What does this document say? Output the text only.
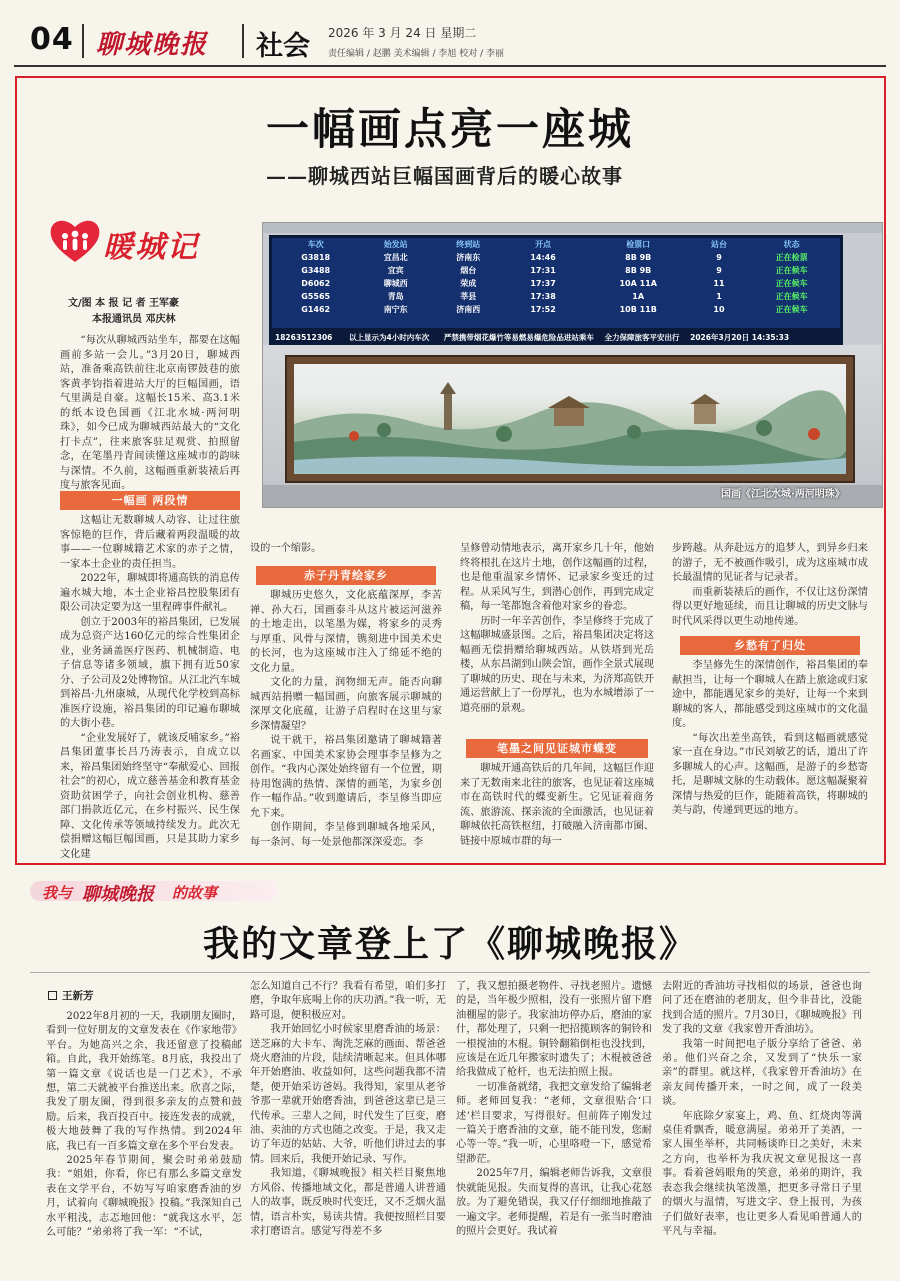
04 聊城晚报 社会 2026 年 3 月 24 日 星期二
责任编辑 / 赵鹏 美术编辑 / 李旭 校对 / 李丽
一幅画点亮一座城
——聊城西站巨幅国画背后的暖心故事
暖城记
文/图 本 报 记 者 王军豪
本报通讯员 邓庆林

“每次从聊城西站坐车，都要在这幅画前多站一会儿。”3月20日，聊城西站，准备乘高铁前往北京南锣鼓巷的旅客黄孝钧指着进站大厅的巨幅国画，语气里满是自豪。这幅长15米、高3.1米的纸本设色国画《江北水城·两河明珠》，如今已成为聊城西站最大的“文化打卡点”，往来旅客驻足观赏、拍照留念，在笔墨丹青间读懂这座城市的韵味与深情。不久前，这幅画重新装裱后再度与旅客见面。

一幅画 两段情

这幅让无数聊城人动容、让过往旅客惊艳的巨作，背后藏着两段温暖的故事——一位聊城籍艺术家的赤子之情，一家本土企业的责任担当。

2022年，聊城即将通高铁的消息传遍水城大地，本土企业裕昌控股集团有限公司决定要为这一里程碑事件献礼。

创立于2003年的裕昌集团，已发展成为总资产达160亿元的综合性集团企业，业务涵盖医疗医药、机械制造、电子信息等诸多领域，旗下拥有近50家分、子公司及2处博物馆。从江北汽车城到裕昌·九州康城，从现代化学校到高标准医疗设施，裕昌集团的印记遍布聊城的大街小巷。

“企业发展好了，就该反哺家乡。”裕昌集团董事长吕乃涛表示，自成立以来，裕昌集团始终坚守“奉献爱心、回报社会”的初心，成立慈善基金和教育基金资助贫困学子，向社会创业机构、慈善部门捐款近亿元，在乡村振兴、民生保障、文化传承等领域持续发力。此次无偿捐赠这幅巨幅国画，只是其助力家乡文化建

车次	始发站	终到站	开点	检票口	站台	状态
G3818	宜昌北	济南东	14:46	8B 9B	9	正在检票
G3488	宜宾	烟台	17:31	8B 9B	9	正在候车
D6062	聊城西	荣成	17:37	10A 11A	11	正在候车
G5565	青岛	莘县	17:38	1A	1	正在候车
G1462	南宁东	济南西	17:52	10B 11B	10	正在候车
18263512306 以上显示为4小时内车次 严禁携带烟花爆竹等易燃易爆危险品进站乘车 全力保障旅客平安出行 2026年3月20日 14:35:33
国画《江北水城·两河明珠》

设的一个缩影。

赤子丹青绘家乡

聊城历史悠久，文化底蕴深厚，李苦禅、孙大石，国画泰斗从这片被运河滋养的土地走出，以笔墨为媒，将家乡的灵秀与厚重、风骨与深情，镌刻进中国美术史的长河，也为这座城市注入了绵延不绝的文化力量。

文化的力量，润物细无声。能否向聊城西站捐赠一幅国画，向旅客展示聊城的深厚文化底蕴，让游子启程时在这里与家乡深情凝望？

说干就干，裕昌集团邀请了聊城籍著名画家、中国美术家协会理事李呈修为之创作。“我内心深处始终留有一个位置，期待用饱满的热情、深情的画笔，为家乡创作一幅作品。”收到邀请后，李呈修当即应允下来。

创作期间，李呈修到聊城各地采风，每一条河、每一处景他都深深爱恋。李

呈修曾动情地表示，离开家乡几十年，他始终将根扎在这片土地，创作这幅画的过程，也是他重温家乡情怀、记录家乡变迁的过程。从采风写生，到潜心创作，再到完成定稿，每一笔都饱含着他对家乡的眷恋。

历时一年辛苦创作，李呈修终于完成了这幅聊城盛景图。之后，裕昌集团决定将这幅画无偿捐赠给聊城西站。从铁塔到光岳楼，从东昌湖到山陕会馆，画作全景式展现了聊城的历史、现在与未来，为济郑高铁开通运营献上了一份厚礼，也为水城增添了一道亮丽的景观。

笔墨之间见证城市蝶变

聊城开通高铁后的几年间，这幅巨作迎来了无数南来北往的旅客，也见证着这座城市在高铁时代的蝶变新生。它见证着商务流、旅游流、探亲流的全面激活，也见证着聊城依托高铁枢纽，打破融入济南都市圈、链接中原城市群的每一

步跨越。从奔赴远方的追梦人，到异乡归来的游子，无不被画作吸引，成为这座城市成长最温情的见证者与记录者。

而重新装裱后的画作，不仅让这份深情得以更好地延续，而且让聊城的历史文脉与时代风采得以更生动地传递。

乡愁有了归处

李呈修先生的深情创作，裕昌集团的奉献担当，让每一个聊城人在踏上旅途或归家途中，都能遇见家乡的美好，让每一个来到聊城的客人，都能感受到这座城市的文化温度。

“每次出差坐高铁，看到这幅画就感觉家一直在身边。”市民刘敏艺的话，道出了许多聊城人的心声。这幅画，是游子的乡愁寄托，是聊城文脉的生动载体。愿这幅凝聚着深情与热爱的巨作，能随着高铁，将聊城的美与韵，传递到更远的地方。

我与 聊城晚报 的故事
我的文章登上了《聊城晚报》
王新芳

2022年8月初的一天，我刷朋友圈时，看到一位好朋友的文章发表在《作家地带》平台。为她高兴之余，我还留意了投稿邮箱。自此，我开始练笔。8月底，我投出了第一篇文章《说话也是一门艺术》，不承想，第二天就被平台推送出来。欣喜之际，我发了朋友圈，得到很多亲友的点赞和鼓励。后来，我百投百中。接连发表的成就，极大地鼓舞了我的写作热情。到2024年底，我已有一百多篇文章在多个平台发表。

2025年春节期间，聚会时弟弟鼓励我：“姐姐，你看，你已有那么多篇文章发表在文学平台，不妨写写咱家磨香油的岁月，试着向《聊城晚报》投稿。”我深知自己水平粗浅，志忑地回他：“就我这水平，怎么可能？”弟弟将了我一军：“不试，

怎么知道自己不行？我看有希望，咱们多打磨，争取年底喝上你的庆功酒。”我一听，无路可退，便积极应对。

我开始回忆小时候家里磨香油的场景：送芝麻的大卡车、淘洗芝麻的画面、帮爸爸烧火磨油的片段，陆续清晰起来。但具体哪年开始磨油、收益如何，这些问题我都不清楚，便开始采访爸妈。我得知，家里从老爷爷那一辈就开始磨香油，到爸爸这辈已是三代传承。三辈人之间，时代发生了巨变，磨油、卖油的方式也随之改变。于是，我又走访了年迈的姑姑、大爷，听他们讲过去的事情。回来后，我便开始记录、写作。

我知道，《聊城晚报》相关栏目聚焦地方风俗、传播地域文化，都是普通人讲普通人的故事，既反映时代变迁，又不乏烟火温情，语言朴实，易读共情。我便按照栏目要求打磨语言。感觉写得差不多

了，我又想拍摄老物件、寻找老照片。遗憾的是，当年极少照相，没有一张照片留下磨油棚屋的影子。我家油坊停办后，磨油的家什，都处理了，只剩一把招揽顾客的铜铃和一根搅油的木棍。铜铃翻箱倒柜也没找到，应该是在近几年搬家时遗失了；木棍被爸爸给我做成了枪杆，也无法拍照上报。

一切准备就绪，我把文章发给了编辑老师。老师回复我：“老师，文章很贴合‘口述’栏目要求，写得很好。但前阵子刚发过一篇关于磨香油的文章，能不能刊发，您耐心等一等。”我一听，心里咯噔一下，感觉希望渺茫。

2025年7月，编辑老师告诉我，文章很快就能见报。失而复得的喜讯，让我心花怒放。为了避免错误，我又仔仔细细地推敲了一遍文字。老师提醒，若是有一张当时磨油的照片会更好。我试着

去附近的香油坊寻找相似的场景，爸爸也询问了还在磨油的老朋友，但今非昔比，没能找到合适的照片。7月30日，《聊城晚报》刊发了我的文章《我家曾开香油坊》。

我第一时间把电子版分享给了爸爸、弟弟。他们兴奋之余，又发到了“快乐一家亲”的群里。就这样，《我家曾开香油坊》在亲友间传播开来，一时之间，成了一段美谈。

年底除夕家宴上，鸡、鱼、红烧肉等满桌佳肴飘香，暖意满屋。弟弟开了美酒，一家人围坐举杯，共同畅谈昨日之美好，未来之方向，也举杯为我庆祝文章见报这一喜事。看着爸妈眼角的笑意，弟弟的期许，我表态我会继续执笔泼墨，把更多寻常日子里的烟火与温情，写进文字、登上报刊，为孩子们做好表率，也让更多人看见咱普通人的平凡与幸福。
